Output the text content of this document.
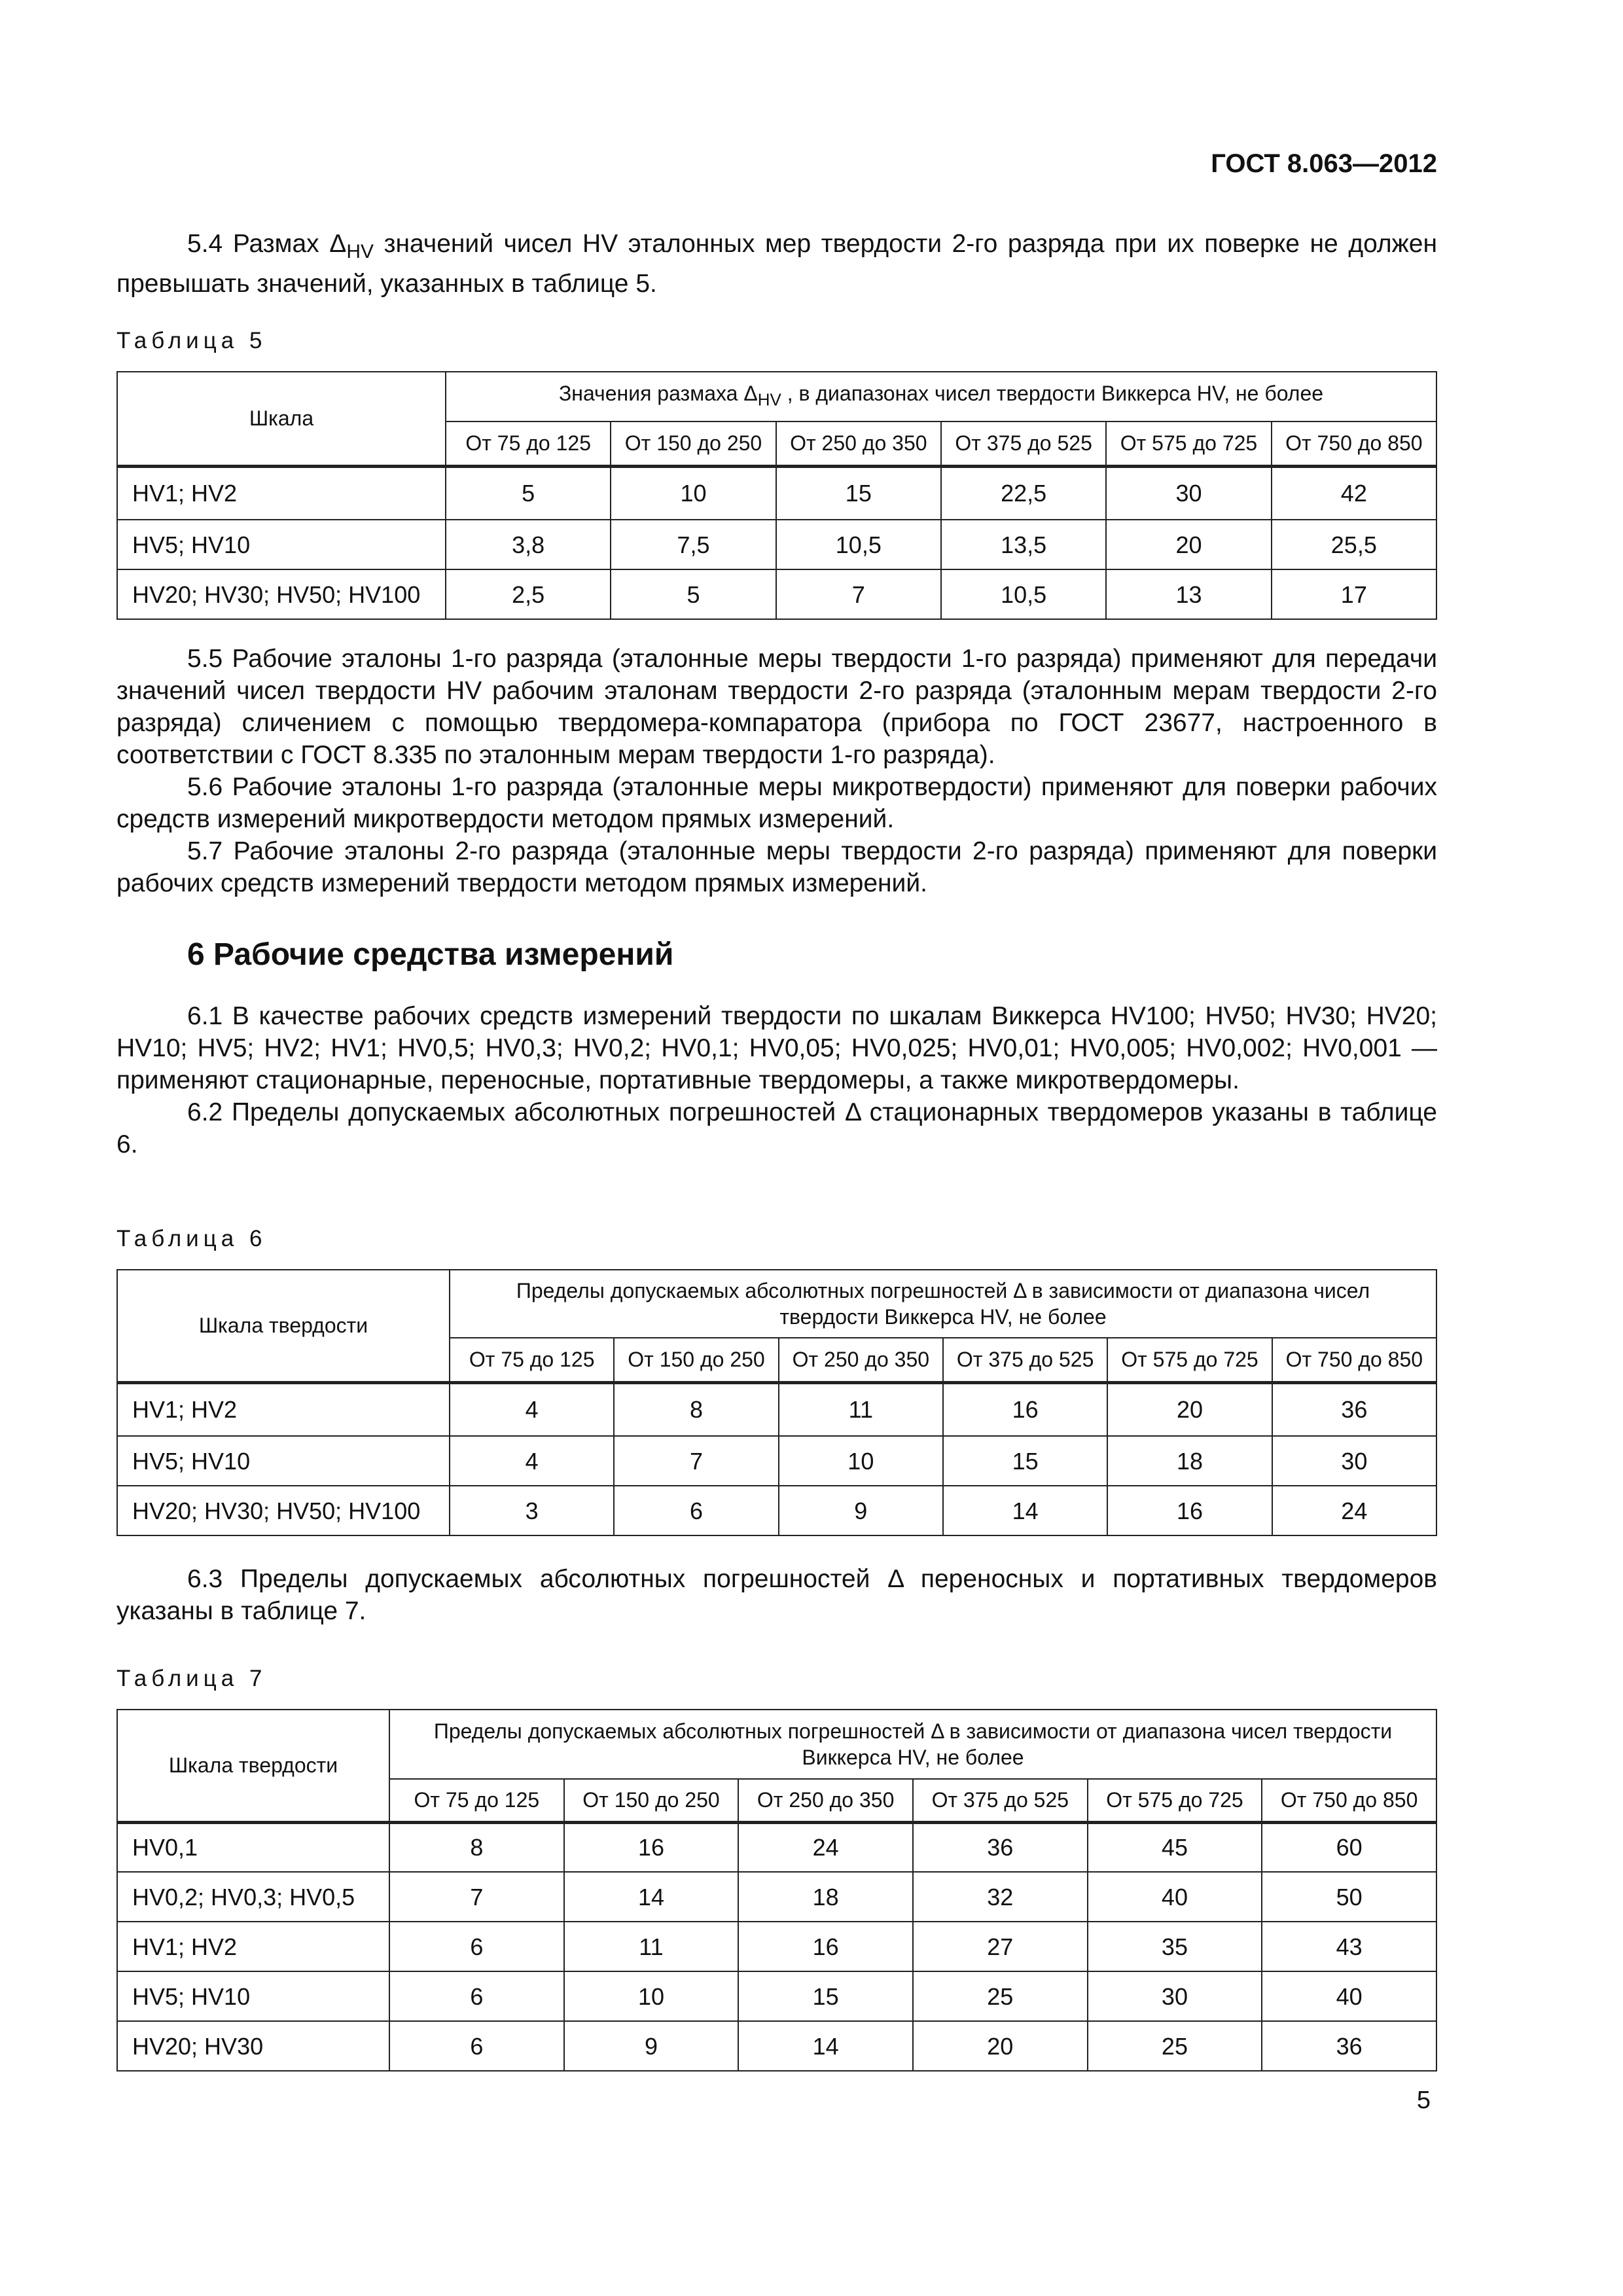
ГОСТ 8.063—2012

5.4 Размах $\Delta_{HV}$ значений чисел HV эталонных мер твердости 2-го разряда при их поверке не должен превышать значений, указанных в таблице 5.

Таблица 5

Шкала	Значения размаха $\Delta_{HV}$ , в диапазонах чисел твердости Виккерса HV, не более					
	От 75 до 125	От 150 до 250	От 250 до 350	От 375 до 525	От 575 до 725	От 750 до 850
HV1; HV2	5	10	15	22,5	30	42
HV5; HV10	3,8	7,5	10,5	13,5	20	25,5
HV20; HV30; HV50; HV100	2,5	5	7	10,5	13	17

5.5 Рабочие эталоны 1-го разряда (эталонные меры твердости 1-го разряда) применяют для передачи значений чисел твердости HV рабочим эталонам твердости 2-го разряда (эталонным мерам твердости 2-го разряда) сличением с помощью твердомера-компаратора (прибора по ГОСТ 23677, настроенного в соответствии с ГОСТ 8.335 по эталонным мерам твердости 1-го разряда).

5.6 Рабочие эталоны 1-го разряда (эталонные меры микротвердости) применяют для поверки рабочих средств измерений микротвердости методом прямых измерений.

5.7 Рабочие эталоны 2-го разряда (эталонные меры твердости 2-го разряда) применяют для поверки рабочих средств измерений твердости методом прямых измерений.

6 Рабочие средства измерений

6.1 В качестве рабочих средств измерений твердости по шкалам Виккерса HV100; HV50; HV30; HV20; HV10; HV5; HV2; HV1; HV0,5; HV0,3; HV0,2; HV0,1; HV0,05; HV0,025; HV0,01; HV0,005; HV0,002; HV0,001 — применяют стационарные, переносные, портативные твердомеры, а также микротвердомеры.

6.2 Пределы допускаемых абсолютных погрешностей Δ стационарных твердомеров указаны в таблице 6.

Таблица 6

Шкала твердости	Пределы допускаемых абсолютных погрешностей Δ в зависимости от диапазона чисел твердости Виккерса HV, не более					
	От 75 до 125	От 150 до 250	От 250 до 350	От 375 до 525	От 575 до 725	От 750 до 850
HV1; HV2	4	8	11	16	20	36
HV5; HV10	4	7	10	15	18	30
HV20; HV30; HV50; HV100	3	6	9	14	16	24

6.3 Пределы допускаемых абсолютных погрешностей Δ переносных и портативных твердомеров указаны в таблице 7.

Таблица 7

Шкала твердости	Пределы допускаемых абсолютных погрешностей Δ в зависимости от диапазона чисел твердости Виккерса HV, не более					
	От 75 до 125	От 150 до 250	От 250 до 350	От 375 до 525	От 575 до 725	От 750 до 850
HV0,1	8	16	24	36	45	60
HV0,2; HV0,3; HV0,5	7	14	18	32	40	50
HV1; HV2	6	11	16	27	35	43
HV5; HV10	6	10	15	25	30	40
HV20; HV30	6	9	14	20	25	36
5
